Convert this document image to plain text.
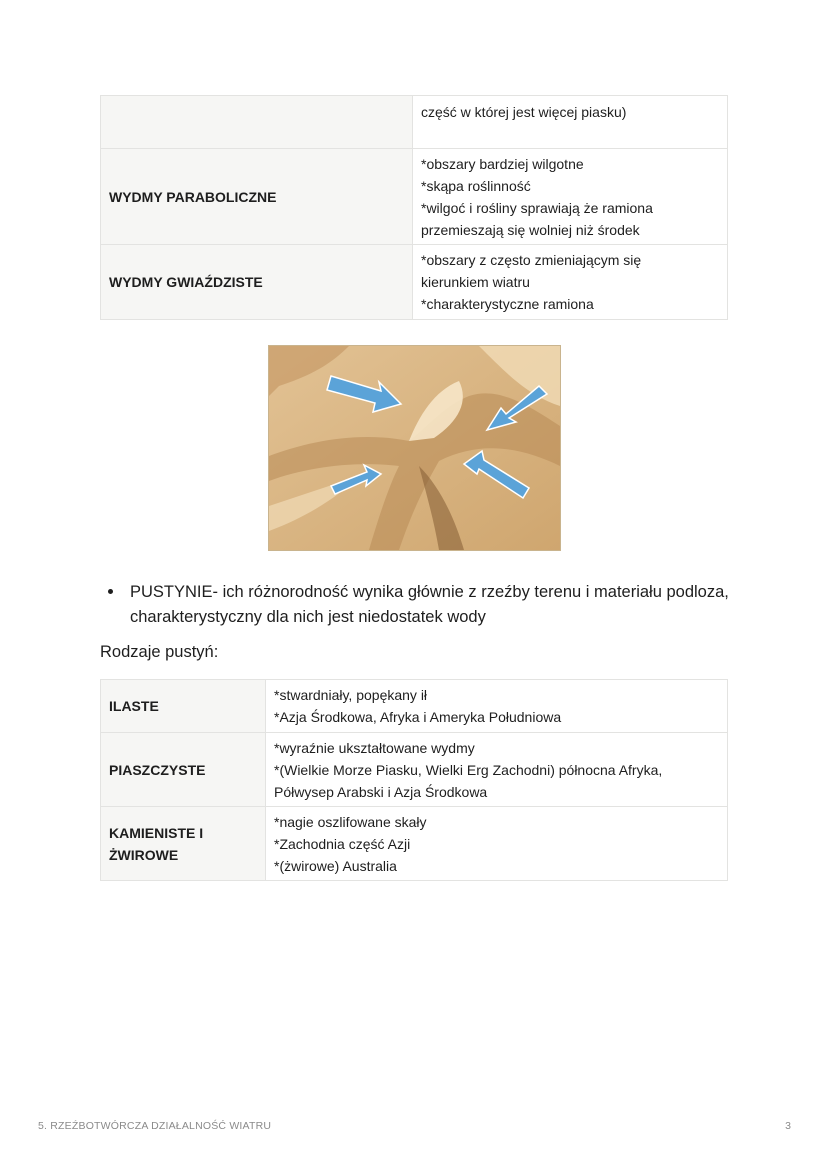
	część w której jest więcej piasku)

WYDMY PARABOLICZNE	*obszary bardziej wilgotne
*skąpa roślinność
*wilgoć i rośliny sprawiają że ramiona
przemieszają się wolniej niż środek

WYDMY GWIAŹDZISTE	*obszary z często zmieniającym się
kierunkiem wiatru
*charakterystyczne ramiona
PUSTYNIE- ich różnorodność wynika głównie z rzeźby terenu i materiału podloza, charakterystyczny dla nich jest niedostatek wody
Rodzaje pustyń:
ILASTE	*stwardniały, popękany ił
*Azja Środkowa, Afryka i Ameryka Południowa

PIASZCZYSTE	*wyraźnie ukształtowane wydmy
*(Wielkie Morze Piasku, Wielki Erg Zachodni) północna Afryka,
Półwysep Arabski i Azja Środkowa

KAMIENISTE I ŻWIROWE	*nagie oszlifowane skały
*Zachodnia część Azji
*(żwirowe) Australia
5. RZEŹBOTWÓRCZA DZIAŁALNOŚĆ WIATRU	3
